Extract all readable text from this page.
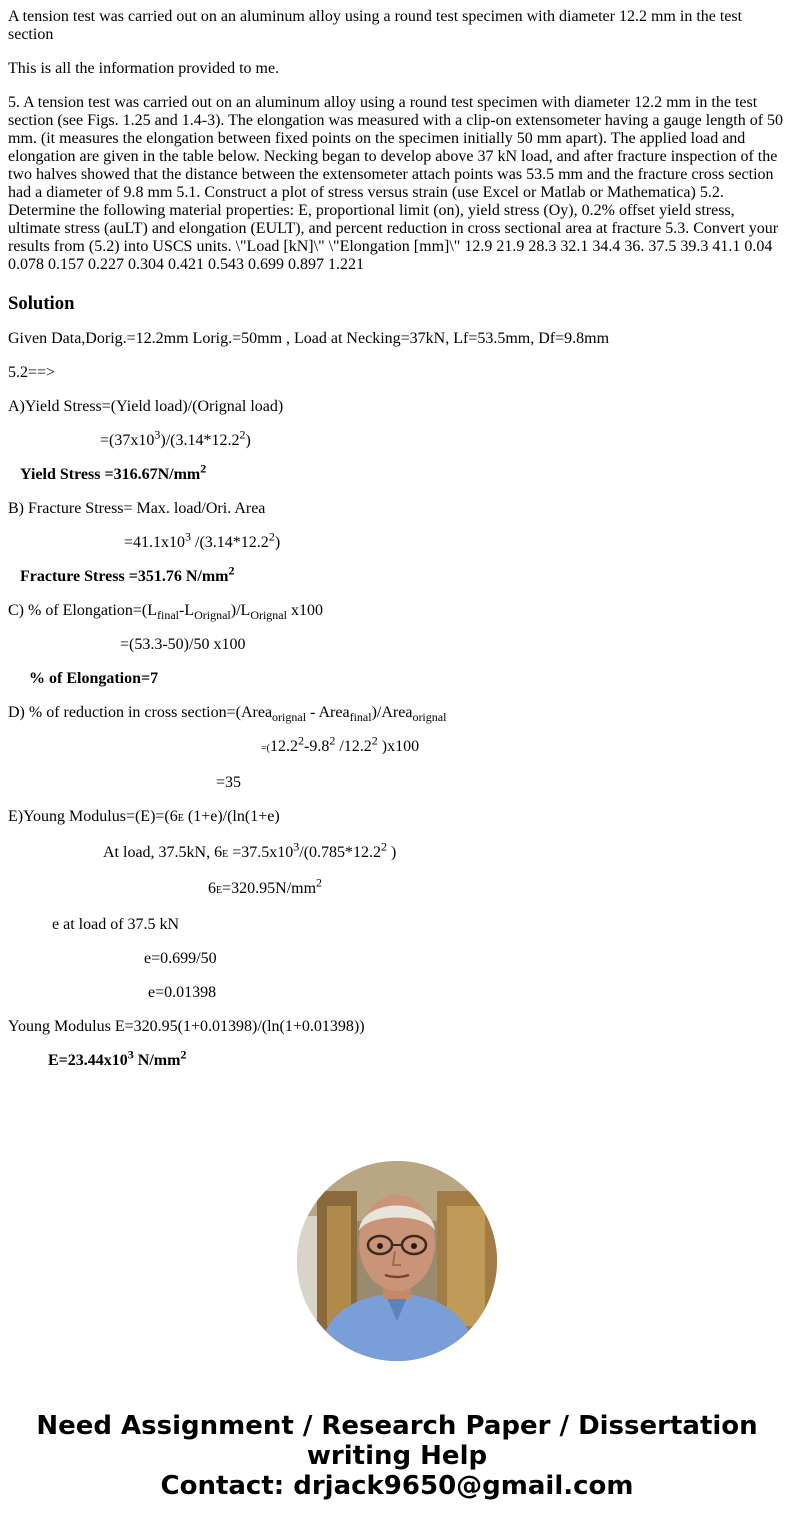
A tension test was carried out on an aluminum alloy using a round test specimen with diameter 12.2 mm in the test section

This is all the information provided to me.

5. A tension test was carried out on an aluminum alloy using a round test specimen with diameter 12.2 mm in the test section (see Figs. 1.25 and 1.4-3). The elongation was measured with a clip-on extensometer having a gauge length of 50 mm. (it measures the elongation between fixed points on the specimen initially 50 mm apart). The applied load and elongation are given in the table below. Necking began to develop above 37 kN load, and after fracture inspection of the two halves showed that the distance between the extensometer attach points was 53.5 mm and the fracture cross section had a diameter of 9.8 mm 5.1. Construct a plot of stress versus strain (use Excel or Matlab or Mathematica) 5.2. Determine the following material properties: E, proportional limit (on), yield stress (Oy), 0.2% offset yield stress, ultimate stress (auLT) and elongation (EULT), and percent reduction in cross sectional area at fracture 5.3. Convert your results from (5.2) into USCS units. \"Load [kN]\" \"Elongation [mm]\" 12.9 21.9 28.3 32.1 34.4 36. 37.5 39.3 41.1 0.04 0.078 0.157 0.227 0.304 0.421 0.543 0.699 0.897 1.221

Solution

Given Data,Dorig.=12.2mm Lorig.=50mm , Load at Necking=37kN, Lf=53.5mm, Df=9.8mm

5.2==>

A)Yield Stress=(Yield load)/(Orignal load)

$=(37x10^3)/(3.14*12.2^2)$

Yield Stress $=316.67N/mm^2$

B) Fracture Stress= Max. load/Ori. Area

$=41.1x10^3$ /(3.14*12.2$^2$)

Fracture Stress =351.76 $N/mm^2$

C) % of $Elongation=(L_{final}-L_{Orignal})/L_{Orignal}$ x100

=(53.3-50)/50 x100

% of Elongation=7

D) % of reduction in cross section=(Area$_{orignal}$ - Area$_{final}$)/Area$_{orignal}$

$=(12.2^2-9.8^2$ /12.2$^2$ )x100

=35

E)Young Modulus=(E)=(6E (1+e)/(ln(1+e)

At load, 37.5kN, $6E =37.5x10^3/(0.785*12.2^2$ )

$6E=320.95N/mm^2$

e at load of 37.5 kN

e=0.699/50

e=0.01398

Young Modulus E=320.95(1+0.01398)/(ln(1+0.01398))

$E=23.44x10^3$ $N/mm^2$

Need Assignment / Research Paper / Dissertation
writing Help
Contact: drjack9650@gmail.com
